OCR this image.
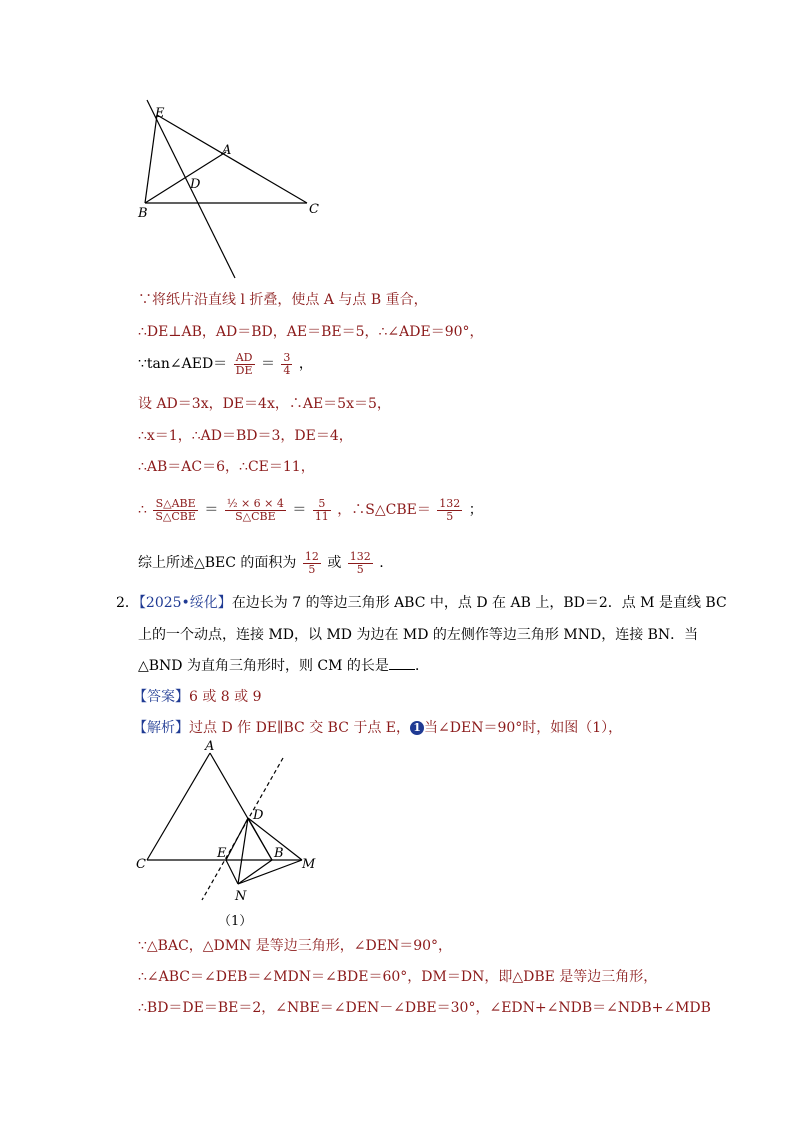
E
A
D
B	C
∵将纸片沿直线 l 折叠，使点 A 与点 B 重合，
∴DE⊥AB，AD＝BD，AE＝BE＝5，∴∠ADE＝90°，
∵tan∠AED＝ $\frac{AD}{DE} = \frac{3}{4}$ ，
设 AD＝3x，DE＝4x，∴AE＝5x＝5，
∴x＝1，∴AD＝BD＝3，DE＝4，
∴AB＝AC＝6，∴CE＝11，
∴ $\frac{\text{S△ABE}}{\text{S△CBE}} = \frac{\text{½ × 6 × 4}}{\text{S△CBE}} = \frac{5}{11}$ ，∴S△CBE＝ $\frac{132}{5}$ ；
综上所述△BEC 的面积为 $\frac{12}{5}$ 或 $\frac{132}{5}$ .
2．【2025•绥化】在边长为 7 的等边三角形 ABC 中，点 D 在 AB 上，BD＝2．点 M 是直线 BC
上的一个动点，连接 MD，以 MD 为边在 MD 的左侧作等边三角形 MND，连接 BN．当
△BND 为直角三角形时，则 CM 的长是 ．
【答案】6 或 8 或 9
【解析】过点 D 作 DE∥BC 交 BC 于点 E， 1 当∠DEN＝90°时，如图（1），
A
D
C
E	B
M
N
（1）
∵△BAC，△DMN 是等边三角形，∠DEN＝90°，
∴∠ABC＝∠DEB＝∠MDN＝∠BDE＝60°，DM＝DN，即△DBE 是等边三角形，
∴BD＝DE＝BE＝2，∠NBE＝∠DEN－∠DBE＝30°，∠EDN+∠NDB＝∠NDB+∠MDB
